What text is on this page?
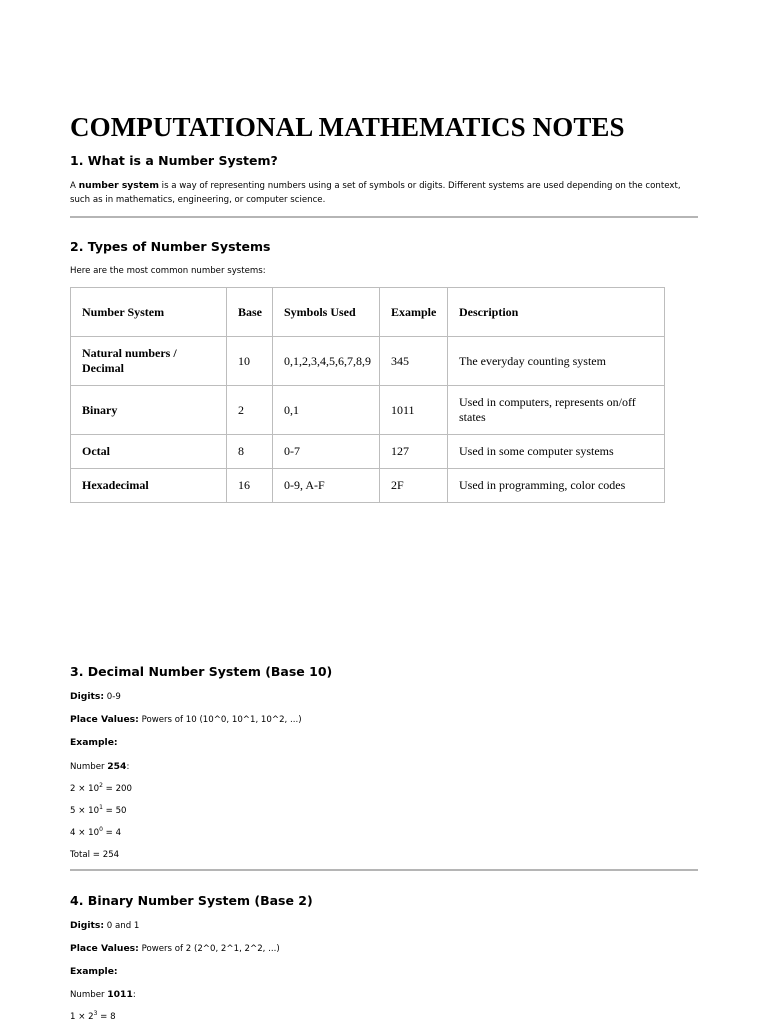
COMPUTATIONAL MATHEMATICS NOTES
1. What is a Number System?
A number system is a way of representing numbers using a set of symbols or digits. Different systems are used depending on the context, such as in mathematics, engineering, or computer science.
2. Types of Number Systems
Here are the most common number systems:
Number System	Base	Symbols Used	Example	Description
Natural numbers / Decimal	10	0,1,2,3,4,5,6,7,8,9	345	The everyday counting system
Binary	2	0,1	1011	Used in computers, represents on/off states
Octal	8	0-7	127	Used in some computer systems
Hexadecimal	16	0-9, A-F	2F	Used in programming, color codes
3. Decimal Number System (Base 10)
Digits: 0-9
Place Values: Powers of 10 (10^0, 10^1, 10^2, ...)
Example:
Number 254:
$2 \times 10^2 = 200$
$5 \times 10^1 = 50$
$4 \times 10^0 = 4$
Total = 254
4. Binary Number System (Base 2)
Digits: 0 and 1
Place Values: Powers of 2 (2^0, 2^1, 2^2, ...)
Example:
Number 1011:
$1 \times 2^3 = 8$
